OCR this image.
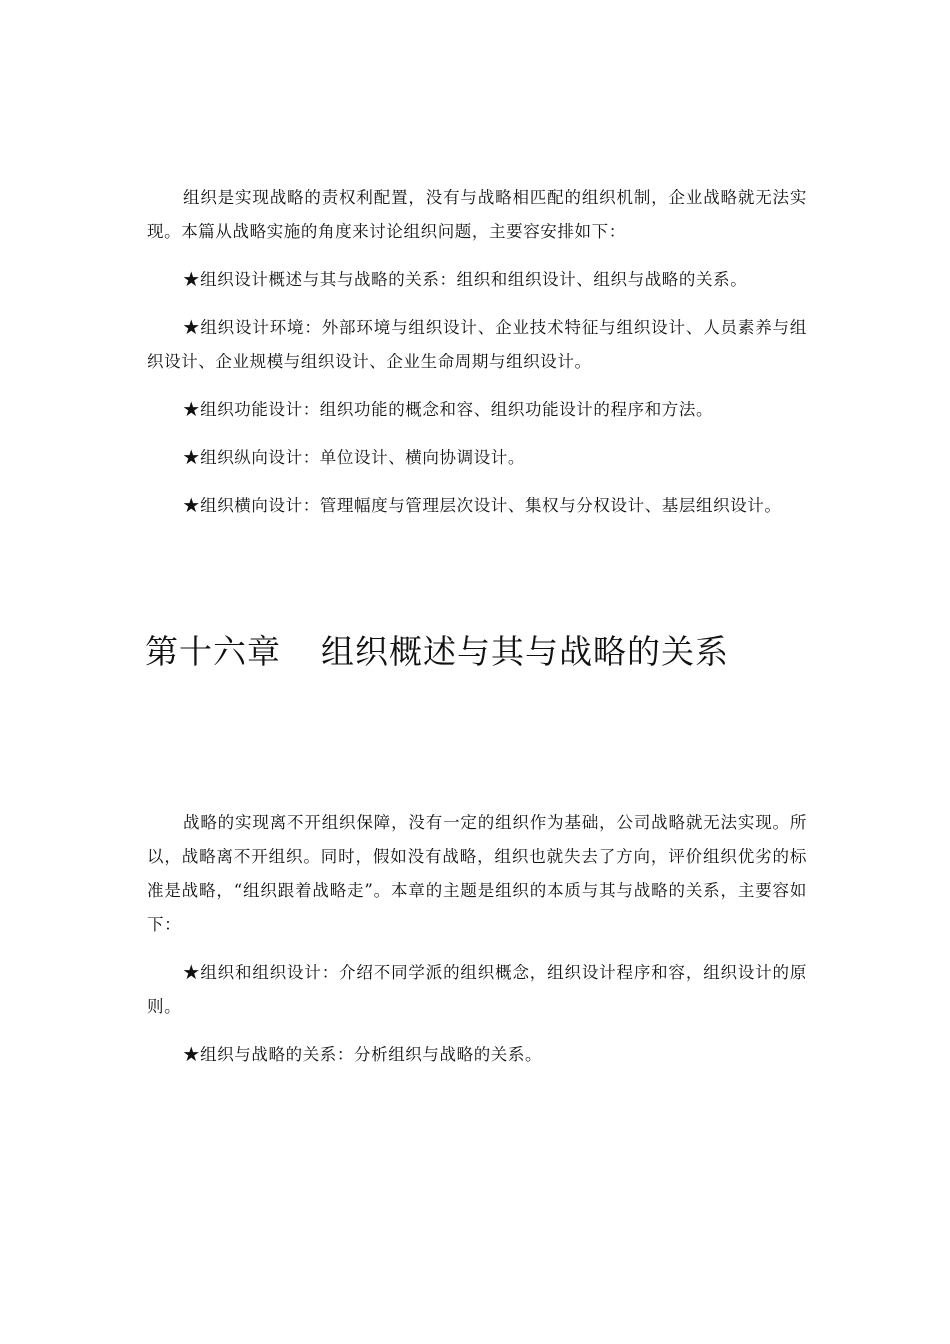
组织是实现战略的责权利配置，没有与战略相匹配的组织机制，企业战略就无法实现。本篇从战略实施的角度来讨论组织问题，主要容安排如下：

★组织设计概述与其与战略的关系：组织和组织设计、组织与战略的关系。

★组织设计环境：外部环境与组织设计、企业技术特征与组织设计、人员素养与组织设计、企业规模与组织设计、企业生命周期与组织设计。

★组织功能设计：组织功能的概念和容、组织功能设计的程序和方法。

★组织纵向设计：单位设计、横向协调设计。

★组织横向设计：管理幅度与管理层次设计、集权与分权设计、基层组织设计。

第十六章 组织概述与其与战略的关系

战略的实现离不开组织保障，没有一定的组织作为基础，公司战略就无法实现。所以，战略离不开组织。同时，假如没有战略，组织也就失去了方向，评价组织优劣的标准是战略，“组织跟着战略走”。本章的主题是组织的本质与其与战略的关系，主要容如下：

★组织和组织设计：介绍不同学派的组织概念，组织设计程序和容，组织设计的原则。

★组织与战略的关系：分析组织与战略的关系。
